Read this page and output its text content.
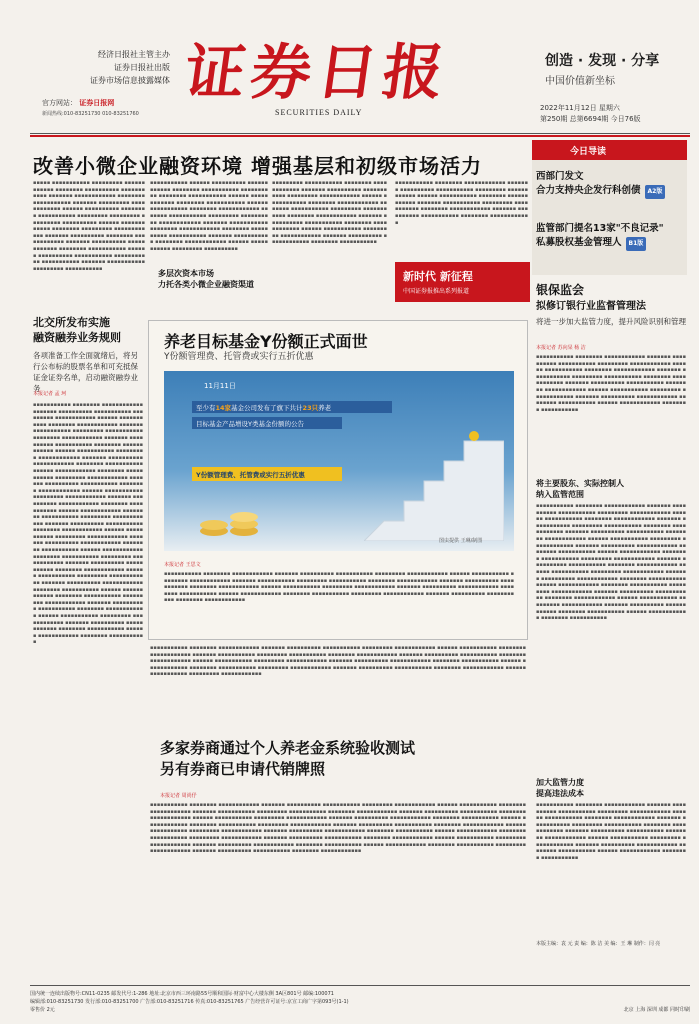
经济日报社主管主办
证券日报社出版
证券市场信息披露媒体
官方网站： 证券日报网
新闻热线:010-83251730 010-83251760
证券日报
SECURITIES DAILY
创造 · 发现 · 分享
中国价值新坐标
2022年11月12日 星期六
第250期 总第6694期 今日76版
改善小微企业融资环境 增强基层和初级市场活力
▪▪▪▪▪ ▪▪▪▪▪▪▪▪▪▪▪ ▪▪▪▪▪▪▪▪▪ ▪▪▪▪▪▪▪▪▪▪▪▪ ▪▪▪▪▪▪▪▪ ▪▪▪▪▪▪▪▪▪▪ ▪▪▪▪▪▪▪▪▪▪▪ ▪▪▪▪▪▪▪ ▪▪▪▪▪▪▪▪▪▪▪▪ ▪▪▪▪▪▪▪▪ ▪▪▪▪▪▪▪▪▪▪▪ ▪▪▪▪▪▪▪ ▪▪▪▪▪▪▪▪▪ ▪▪▪▪▪▪▪▪▪▪▪▪ ▪▪▪▪▪▪ ▪▪▪▪▪▪▪▪▪▪ ▪▪▪▪▪▪▪▪ ▪▪▪▪▪▪▪▪▪▪▪ ▪▪▪▪▪▪▪▪▪ ▪▪▪▪▪▪▪▪▪ ▪▪▪▪▪▪▪▪▪ ▪▪▪▪▪▪▪▪▪▪ ▪▪▪▪▪▪ ▪▪▪▪▪▪▪▪▪▪▪▪ ▪▪▪▪▪▪▪▪ ▪▪▪▪▪▪▪▪▪ ▪▪▪▪▪▪▪▪▪▪▪▪ ▪▪▪▪▪▪▪ ▪▪▪▪▪▪▪▪▪▪ ▪▪▪▪▪▪▪▪ ▪▪▪▪▪▪▪▪▪▪▪▪ ▪▪▪▪▪▪▪ ▪▪▪▪▪▪▪▪▪▪ ▪▪▪▪▪▪▪▪▪▪▪▪ ▪▪▪▪▪▪▪▪ ▪▪▪▪▪▪▪▪▪▪▪ ▪▪▪▪▪▪ ▪▪▪▪▪▪▪▪▪▪ ▪▪▪▪▪▪▪▪▪▪▪ ▪▪▪▪▪▪▪▪▪▪▪ ▪▪▪▪▪▪▪▪▪▪▪ ▪▪▪▪▪▪▪ ▪▪▪▪▪▪▪▪▪▪▪ ▪▪▪▪▪▪▪▪▪ ▪▪▪▪▪▪▪▪▪▪▪
▪▪▪▪▪▪▪▪▪▪▪ ▪▪▪▪▪▪ ▪▪▪▪▪▪▪▪▪▪ ▪▪▪▪▪▪▪▪▪▪▪▪ ▪▪▪▪▪▪▪▪ ▪▪▪▪▪▪▪▪▪▪▪ ▪▪▪▪▪▪▪▪▪▪ ▪▪▪▪▪▪▪▪ ▪▪▪▪▪▪▪▪▪▪▪ ▪▪▪▪▪▪ ▪▪▪▪▪▪▪▪▪▪▪▪ ▪▪▪▪▪▪▪▪ ▪▪▪▪▪▪▪▪▪▪▪ ▪▪▪▪▪▪ ▪▪▪▪▪▪▪▪▪▪▪ ▪▪▪▪▪▪▪▪ ▪▪▪▪▪▪▪▪▪▪▪▪ ▪▪▪▪▪▪▪ ▪▪▪▪▪▪▪▪▪▪▪ ▪▪▪▪▪▪▪▪▪ ▪▪▪▪▪▪▪▪▪▪ ▪▪▪▪▪▪▪▪▪▪▪▪ ▪▪▪▪▪▪▪ ▪▪▪▪▪▪▪▪▪▪▪ ▪▪▪▪▪▪▪▪ ▪▪▪▪▪▪▪▪▪▪▪▪ ▪▪▪▪▪▪▪▪ ▪▪▪▪▪▪▪▪▪▪ ▪▪▪▪▪▪▪▪▪▪▪ ▪▪▪▪▪▪▪ ▪▪▪▪▪▪▪▪▪▪▪ ▪▪▪▪▪▪▪▪ ▪▪▪▪▪▪▪▪▪▪▪▪ ▪▪▪▪▪▪ ▪▪▪▪▪▪▪▪▪▪▪ ▪▪▪▪▪▪▪▪▪ ▪▪▪▪▪▪▪▪▪▪
多层次资本市场
力托各类小微企业融资渠道
▪▪▪▪▪▪▪▪▪ ▪▪▪▪▪▪▪▪▪▪▪ ▪▪▪▪▪▪▪▪ ▪▪▪▪▪▪▪▪▪▪▪▪ ▪▪▪▪▪▪▪ ▪▪▪▪▪▪▪▪▪▪ ▪▪▪▪▪▪▪▪▪▪▪ ▪▪▪▪▪▪▪▪▪ ▪▪▪▪▪▪▪▪▪▪▪▪ ▪▪▪▪▪▪ ▪▪▪▪▪▪▪▪▪▪▪ ▪▪▪▪▪▪▪▪ ▪▪▪▪▪▪▪▪▪▪▪▪ ▪▪▪▪▪▪▪ ▪▪▪▪▪▪▪▪▪▪▪ ▪▪▪▪▪▪▪▪▪ ▪▪▪▪▪▪▪▪▪▪▪ ▪▪▪▪▪▪▪▪ ▪▪▪▪▪▪▪▪▪▪▪▪ ▪▪▪▪▪▪▪ ▪▪▪▪▪▪▪▪▪▪ ▪▪▪▪▪▪▪▪▪▪▪ ▪▪▪▪▪▪▪▪ ▪▪▪▪▪▪▪▪▪▪▪▪ ▪▪▪▪▪▪ ▪▪▪▪▪▪▪▪▪▪▪ ▪▪▪▪▪▪▪▪▪ ▪▪▪▪▪▪▪▪▪▪▪▪ ▪▪▪▪▪▪▪ ▪▪▪▪▪▪▪▪▪▪ ▪▪▪▪▪▪▪▪▪▪▪▪ ▪▪▪▪▪▪▪▪ ▪▪▪▪▪▪▪▪▪▪▪
▪▪▪▪▪▪▪▪▪▪▪ ▪▪▪▪▪▪▪▪ ▪▪▪▪▪▪▪▪▪▪▪▪ ▪▪▪▪▪▪▪ ▪▪▪▪▪▪▪▪▪▪ ▪▪▪▪▪▪▪▪▪▪▪ ▪▪▪▪▪▪▪▪▪ ▪▪▪▪▪▪▪▪▪▪▪▪ ▪▪▪▪▪▪ ▪▪▪▪▪▪▪▪▪▪▪ ▪▪▪▪▪▪▪▪ ▪▪▪▪▪▪▪▪▪▪▪▪ ▪▪▪▪▪▪▪ ▪▪▪▪▪▪▪▪▪▪▪ ▪▪▪▪▪▪▪▪▪ ▪▪▪▪▪▪▪▪▪▪▪ ▪▪▪▪▪▪▪▪ ▪▪▪▪▪▪▪▪▪▪▪▪ ▪▪▪▪▪▪▪ ▪▪▪▪▪▪▪▪▪▪ ▪▪▪▪▪▪▪▪▪▪▪ ▪▪▪▪▪▪▪▪ ▪▪▪▪▪▪▪▪▪▪▪▪
新时代 新征程
中国证券报推出系列报道
北交所发布实施
融资融券业务规则
各项准备工作全面就绪后，将另行公布标的股票名单和可充抵保证金证券名单，启动融资融券业务
本报记者 孟 珂
▪▪▪▪▪▪▪▪▪▪▪ ▪▪▪▪▪▪▪▪ ▪▪▪▪▪▪▪▪▪▪▪▪ ▪▪▪▪▪▪▪ ▪▪▪▪▪▪▪▪▪▪ ▪▪▪▪▪▪▪▪▪▪▪ ▪▪▪▪▪▪▪▪▪ ▪▪▪▪▪▪▪▪▪▪▪▪ ▪▪▪▪▪▪ ▪▪▪▪▪▪▪▪▪▪▪ ▪▪▪▪▪▪▪▪ ▪▪▪▪▪▪▪▪▪▪▪▪ ▪▪▪▪▪▪▪ ▪▪▪▪▪▪▪▪▪▪▪ ▪▪▪▪▪▪▪▪▪ ▪▪▪▪▪▪▪▪▪▪▪ ▪▪▪▪▪▪▪▪ ▪▪▪▪▪▪▪▪▪▪▪▪ ▪▪▪▪▪▪▪ ▪▪▪▪▪▪▪▪▪▪ ▪▪▪▪▪▪▪▪▪▪▪ ▪▪▪▪▪▪▪▪ ▪▪▪▪▪▪▪▪▪▪▪▪ ▪▪▪▪▪▪ ▪▪▪▪▪▪▪▪▪▪▪ ▪▪▪▪▪▪▪▪▪ ▪▪▪▪▪▪▪▪▪▪▪▪ ▪▪▪▪▪▪▪ ▪▪▪▪▪▪▪▪▪▪ ▪▪▪▪▪▪▪▪▪▪▪▪ ▪▪▪▪▪▪▪▪ ▪▪▪▪▪▪▪▪▪▪▪ ▪▪▪▪▪▪ ▪▪▪▪▪▪▪▪▪▪▪▪ ▪▪▪▪▪▪▪▪ ▪▪▪▪▪▪▪▪▪▪▪ ▪▪▪▪▪▪▪▪▪ ▪▪▪▪▪▪▪▪▪▪▪▪ ▪▪▪▪▪▪▪ ▪▪▪▪▪▪▪▪▪▪ ▪▪▪▪▪▪▪▪▪▪▪ ▪▪▪▪▪▪▪▪ ▪▪▪▪▪▪▪▪▪▪▪▪ ▪▪▪▪▪▪ ▪▪▪▪▪▪▪▪▪▪▪ ▪▪▪▪▪▪▪▪▪ ▪▪▪▪▪▪▪▪▪▪▪▪ ▪▪▪▪▪▪▪ ▪▪▪▪▪▪▪▪▪▪ ▪▪▪▪▪▪▪▪▪▪▪▪ ▪▪▪▪▪▪▪▪ ▪▪▪▪▪▪▪▪▪▪▪ ▪▪▪▪▪▪ ▪▪▪▪▪▪▪▪▪▪▪▪ ▪▪▪▪▪▪▪▪ ▪▪▪▪▪▪▪▪▪▪▪ ▪▪▪▪▪▪▪▪▪ ▪▪▪▪▪▪▪▪▪▪▪▪ ▪▪▪▪▪▪▪ ▪▪▪▪▪▪▪▪▪▪ ▪▪▪▪▪▪▪▪▪▪▪ ▪▪▪▪▪▪▪▪ ▪▪▪▪▪▪▪▪▪▪▪▪ ▪▪▪▪▪▪ ▪▪▪▪▪▪▪▪▪▪▪ ▪▪▪▪▪▪▪▪▪ ▪▪▪▪▪▪▪▪▪▪▪▪ ▪▪▪▪▪▪▪ ▪▪▪▪▪▪▪▪▪▪ ▪▪▪▪▪▪▪▪▪▪▪▪ ▪▪▪▪▪▪▪▪ ▪▪▪▪▪▪▪▪▪▪▪ ▪▪▪▪▪▪ ▪▪▪▪▪▪▪▪▪▪▪▪ ▪▪▪▪▪▪▪▪ ▪▪▪▪▪▪▪▪▪▪▪ ▪▪▪▪▪▪▪▪▪ ▪▪▪▪▪▪▪▪▪▪▪▪ ▪▪▪▪▪▪▪ ▪▪▪▪▪▪▪▪▪▪ ▪▪▪▪▪▪▪▪▪▪▪ ▪▪▪▪▪▪▪▪ ▪▪▪▪▪▪▪▪▪▪▪▪ ▪▪▪▪▪▪ ▪▪▪▪▪▪▪▪▪▪▪ ▪▪▪▪▪▪▪▪▪ ▪▪▪▪▪▪▪▪▪▪▪▪ ▪▪▪▪▪▪▪ ▪▪▪▪▪▪▪▪▪▪ ▪▪▪▪▪▪▪▪▪▪▪▪ ▪▪▪▪▪▪▪▪ ▪▪▪▪▪▪▪▪▪▪▪ ▪▪▪▪▪▪ ▪▪▪▪▪▪▪▪▪▪▪▪ ▪▪▪▪▪▪▪▪ ▪▪▪▪▪▪▪▪▪▪▪ ▪▪▪▪▪▪▪▪▪ ▪▪▪▪▪▪▪▪▪▪▪▪ ▪▪▪▪▪▪▪ ▪▪▪▪▪▪▪▪▪▪ ▪▪▪▪▪▪▪▪▪▪▪ ▪▪▪▪▪▪▪▪ ▪▪▪▪▪▪▪▪▪▪▪▪ ▪▪▪▪▪▪ ▪▪▪▪▪▪▪▪▪▪▪ ▪▪▪▪▪▪▪▪▪ ▪▪▪▪▪▪▪▪▪▪▪▪ ▪▪▪▪▪▪▪ ▪▪▪▪▪▪▪▪▪▪ ▪▪▪▪▪▪▪▪▪▪▪▪ ▪▪▪▪▪▪▪▪ ▪▪▪▪▪▪▪▪▪▪▪ ▪▪▪▪▪▪ ▪▪▪▪▪▪▪▪▪▪▪▪ ▪▪▪▪▪▪▪▪ ▪▪▪▪▪▪▪▪▪▪▪
养老目标基金Y份额正式面世
Y份额管理费、托管费或实行五折优惠
11月11日
至少有14家基金公司发布了旗下共计23只养老
目标基金产品增设Y类基金份额的公告
Y份额管理费、托管费或实行五折优惠
图虫提供 王琳/制图
本报记者 王思文
▪▪▪▪▪▪▪▪▪▪▪ ▪▪▪▪▪▪▪▪ ▪▪▪▪▪▪▪▪▪▪▪▪ ▪▪▪▪▪▪▪ ▪▪▪▪▪▪▪▪▪▪ ▪▪▪▪▪▪▪▪▪▪▪ ▪▪▪▪▪▪▪▪▪ ▪▪▪▪▪▪▪▪▪▪▪▪ ▪▪▪▪▪▪ ▪▪▪▪▪▪▪▪▪▪▪ ▪▪▪▪▪▪▪▪ ▪▪▪▪▪▪▪▪▪▪▪▪ ▪▪▪▪▪▪▪ ▪▪▪▪▪▪▪▪▪▪▪ ▪▪▪▪▪▪▪▪▪ ▪▪▪▪▪▪▪▪▪▪▪ ▪▪▪▪▪▪▪▪ ▪▪▪▪▪▪▪▪▪▪▪▪ ▪▪▪▪▪▪▪ ▪▪▪▪▪▪▪▪▪▪ ▪▪▪▪▪▪▪▪▪▪▪ ▪▪▪▪▪▪▪▪ ▪▪▪▪▪▪▪▪▪▪▪▪ ▪▪▪▪▪▪ ▪▪▪▪▪▪▪▪▪▪▪ ▪▪▪▪▪▪▪▪▪ ▪▪▪▪▪▪▪▪▪▪▪▪ ▪▪▪▪▪▪▪ ▪▪▪▪▪▪▪▪▪▪ ▪▪▪▪▪▪▪▪▪▪▪▪ ▪▪▪▪▪▪▪▪ ▪▪▪▪▪▪▪▪▪▪▪ ▪▪▪▪▪▪ ▪▪▪▪▪▪▪▪▪▪▪▪ ▪▪▪▪▪▪▪▪ ▪▪▪▪▪▪▪▪▪▪▪ ▪▪▪▪▪▪▪▪▪ ▪▪▪▪▪▪▪▪▪▪▪▪ ▪▪▪▪▪▪▪ ▪▪▪▪▪▪▪▪▪▪ ▪▪▪▪▪▪▪▪▪▪▪ ▪▪▪▪▪▪▪▪ ▪▪▪▪▪▪▪▪▪▪▪▪
▪▪▪▪▪▪▪▪▪▪▪ ▪▪▪▪▪▪▪▪ ▪▪▪▪▪▪▪▪▪▪▪▪ ▪▪▪▪▪▪▪ ▪▪▪▪▪▪▪▪▪▪ ▪▪▪▪▪▪▪▪▪▪▪ ▪▪▪▪▪▪▪▪▪ ▪▪▪▪▪▪▪▪▪▪▪▪ ▪▪▪▪▪▪ ▪▪▪▪▪▪▪▪▪▪▪ ▪▪▪▪▪▪▪▪ ▪▪▪▪▪▪▪▪▪▪▪▪ ▪▪▪▪▪▪▪ ▪▪▪▪▪▪▪▪▪▪▪ ▪▪▪▪▪▪▪▪▪ ▪▪▪▪▪▪▪▪▪▪▪ ▪▪▪▪▪▪▪▪ ▪▪▪▪▪▪▪▪▪▪▪▪ ▪▪▪▪▪▪▪ ▪▪▪▪▪▪▪▪▪▪ ▪▪▪▪▪▪▪▪▪▪▪ ▪▪▪▪▪▪▪▪ ▪▪▪▪▪▪▪▪▪▪▪▪ ▪▪▪▪▪▪ ▪▪▪▪▪▪▪▪▪▪▪ ▪▪▪▪▪▪▪▪▪ ▪▪▪▪▪▪▪▪▪▪▪▪ ▪▪▪▪▪▪▪ ▪▪▪▪▪▪▪▪▪▪ ▪▪▪▪▪▪▪▪▪▪▪▪ ▪▪▪▪▪▪▪▪ ▪▪▪▪▪▪▪▪▪▪▪ ▪▪▪▪▪▪ ▪▪▪▪▪▪▪▪▪▪▪▪ ▪▪▪▪▪▪▪▪ ▪▪▪▪▪▪▪▪▪▪▪ ▪▪▪▪▪▪▪▪▪ ▪▪▪▪▪▪▪▪▪▪▪▪ ▪▪▪▪▪▪▪ ▪▪▪▪▪▪▪▪▪▪ ▪▪▪▪▪▪▪▪▪▪▪ ▪▪▪▪▪▪▪▪ ▪▪▪▪▪▪▪▪▪▪▪▪ ▪▪▪▪▪▪ ▪▪▪▪▪▪▪▪▪▪▪ ▪▪▪▪▪▪▪▪▪ ▪▪▪▪▪▪▪▪▪▪▪▪
多家券商通过个人养老金系统验收测试
另有券商已申请代销牌照
本报记者 周尚伃
▪▪▪▪▪▪▪▪▪▪▪ ▪▪▪▪▪▪▪▪ ▪▪▪▪▪▪▪▪▪▪▪▪ ▪▪▪▪▪▪▪ ▪▪▪▪▪▪▪▪▪▪ ▪▪▪▪▪▪▪▪▪▪▪ ▪▪▪▪▪▪▪▪▪ ▪▪▪▪▪▪▪▪▪▪▪▪ ▪▪▪▪▪▪ ▪▪▪▪▪▪▪▪▪▪▪ ▪▪▪▪▪▪▪▪ ▪▪▪▪▪▪▪▪▪▪▪▪ ▪▪▪▪▪▪▪ ▪▪▪▪▪▪▪▪▪▪▪ ▪▪▪▪▪▪▪▪▪ ▪▪▪▪▪▪▪▪▪▪▪ ▪▪▪▪▪▪▪▪ ▪▪▪▪▪▪▪▪▪▪▪▪ ▪▪▪▪▪▪▪ ▪▪▪▪▪▪▪▪▪▪ ▪▪▪▪▪▪▪▪▪▪▪ ▪▪▪▪▪▪▪▪ ▪▪▪▪▪▪▪▪▪▪▪▪ ▪▪▪▪▪▪ ▪▪▪▪▪▪▪▪▪▪▪ ▪▪▪▪▪▪▪▪▪ ▪▪▪▪▪▪▪▪▪▪▪▪ ▪▪▪▪▪▪▪ ▪▪▪▪▪▪▪▪▪▪ ▪▪▪▪▪▪▪▪▪▪▪▪ ▪▪▪▪▪▪▪▪ ▪▪▪▪▪▪▪▪▪▪▪ ▪▪▪▪▪▪ ▪▪▪▪▪▪▪▪▪▪▪▪ ▪▪▪▪▪▪▪▪ ▪▪▪▪▪▪▪▪▪▪▪ ▪▪▪▪▪▪▪▪▪ ▪▪▪▪▪▪▪▪▪▪▪▪ ▪▪▪▪▪▪▪ ▪▪▪▪▪▪▪▪▪▪ ▪▪▪▪▪▪▪▪▪▪▪ ▪▪▪▪▪▪▪▪ ▪▪▪▪▪▪▪▪▪▪▪▪ ▪▪▪▪▪▪ ▪▪▪▪▪▪▪▪▪▪▪ ▪▪▪▪▪▪▪▪▪ ▪▪▪▪▪▪▪▪▪▪▪▪ ▪▪▪▪▪▪▪ ▪▪▪▪▪▪▪▪▪▪ ▪▪▪▪▪▪▪▪▪▪▪▪ ▪▪▪▪▪▪▪▪ ▪▪▪▪▪▪▪▪▪▪▪ ▪▪▪▪▪▪ ▪▪▪▪▪▪▪▪▪▪▪▪ ▪▪▪▪▪▪▪▪ ▪▪▪▪▪▪▪▪▪▪▪ ▪▪▪▪▪▪▪▪▪ ▪▪▪▪▪▪▪▪▪▪▪▪ ▪▪▪▪▪▪▪ ▪▪▪▪▪▪▪▪▪▪ ▪▪▪▪▪▪▪▪▪▪▪ ▪▪▪▪▪▪▪▪ ▪▪▪▪▪▪▪▪▪▪▪▪ ▪▪▪▪▪▪ ▪▪▪▪▪▪▪▪▪▪▪ ▪▪▪▪▪▪▪▪▪ ▪▪▪▪▪▪▪▪▪▪▪▪ ▪▪▪▪▪▪▪ ▪▪▪▪▪▪▪▪▪▪ ▪▪▪▪▪▪▪▪▪▪▪▪ ▪▪▪▪▪▪▪▪ ▪▪▪▪▪▪▪▪▪▪▪ ▪▪▪▪▪▪ ▪▪▪▪▪▪▪▪▪▪▪▪ ▪▪▪▪▪▪▪▪ ▪▪▪▪▪▪▪▪▪▪▪ ▪▪▪▪▪▪▪▪▪ ▪▪▪▪▪▪▪▪▪▪▪▪ ▪▪▪▪▪▪▪ ▪▪▪▪▪▪▪▪▪▪ ▪▪▪▪▪▪▪▪▪▪▪ ▪▪▪▪▪▪▪▪ ▪▪▪▪▪▪▪▪▪▪▪▪
今日导读
西部门发文
合力支持央企发行科创债 A2版
监管部门提名13家"不良记录"
私募股权基金管理人 B1版
银保监会
拟修订银行业监督管理法
将进一步加大监管力度，提升风险识别和管理
本报记者 苏向杲 杨 洁
▪▪▪▪▪▪▪▪▪▪▪ ▪▪▪▪▪▪▪▪ ▪▪▪▪▪▪▪▪▪▪▪▪ ▪▪▪▪▪▪▪ ▪▪▪▪▪▪▪▪▪▪ ▪▪▪▪▪▪▪▪▪▪▪ ▪▪▪▪▪▪▪▪▪ ▪▪▪▪▪▪▪▪▪▪▪▪ ▪▪▪▪▪▪ ▪▪▪▪▪▪▪▪▪▪▪ ▪▪▪▪▪▪▪▪ ▪▪▪▪▪▪▪▪▪▪▪▪ ▪▪▪▪▪▪▪ ▪▪▪▪▪▪▪▪▪▪▪ ▪▪▪▪▪▪▪▪▪ ▪▪▪▪▪▪▪▪▪▪▪ ▪▪▪▪▪▪▪▪ ▪▪▪▪▪▪▪▪▪▪▪▪ ▪▪▪▪▪▪▪ ▪▪▪▪▪▪▪▪▪▪ ▪▪▪▪▪▪▪▪▪▪▪ ▪▪▪▪▪▪▪▪ ▪▪▪▪▪▪▪▪▪▪▪▪ ▪▪▪▪▪▪ ▪▪▪▪▪▪▪▪▪▪▪ ▪▪▪▪▪▪▪▪▪ ▪▪▪▪▪▪▪▪▪▪▪▪ ▪▪▪▪▪▪▪ ▪▪▪▪▪▪▪▪▪▪ ▪▪▪▪▪▪▪▪▪▪▪▪ ▪▪▪▪▪▪▪▪ ▪▪▪▪▪▪▪▪▪▪▪ ▪▪▪▪▪▪ ▪▪▪▪▪▪▪▪▪▪▪▪ ▪▪▪▪▪▪▪▪ ▪▪▪▪▪▪▪▪▪▪▪
将主要股东、实际控制人
纳入监管范围
▪▪▪▪▪▪▪▪▪▪▪ ▪▪▪▪▪▪▪▪ ▪▪▪▪▪▪▪▪▪▪▪▪ ▪▪▪▪▪▪▪ ▪▪▪▪▪▪▪▪▪▪ ▪▪▪▪▪▪▪▪▪▪▪ ▪▪▪▪▪▪▪▪▪ ▪▪▪▪▪▪▪▪▪▪▪▪ ▪▪▪▪▪▪ ▪▪▪▪▪▪▪▪▪▪▪ ▪▪▪▪▪▪▪▪ ▪▪▪▪▪▪▪▪▪▪▪▪ ▪▪▪▪▪▪▪ ▪▪▪▪▪▪▪▪▪▪▪ ▪▪▪▪▪▪▪▪▪ ▪▪▪▪▪▪▪▪▪▪▪ ▪▪▪▪▪▪▪▪ ▪▪▪▪▪▪▪▪▪▪▪▪ ▪▪▪▪▪▪▪ ▪▪▪▪▪▪▪▪▪▪ ▪▪▪▪▪▪▪▪▪▪▪ ▪▪▪▪▪▪▪▪ ▪▪▪▪▪▪▪▪▪▪▪▪ ▪▪▪▪▪▪ ▪▪▪▪▪▪▪▪▪▪▪ ▪▪▪▪▪▪▪▪▪ ▪▪▪▪▪▪▪▪▪▪▪▪ ▪▪▪▪▪▪▪ ▪▪▪▪▪▪▪▪▪▪ ▪▪▪▪▪▪▪▪▪▪▪▪ ▪▪▪▪▪▪▪▪ ▪▪▪▪▪▪▪▪▪▪▪ ▪▪▪▪▪▪ ▪▪▪▪▪▪▪▪▪▪▪▪ ▪▪▪▪▪▪▪▪ ▪▪▪▪▪▪▪▪▪▪▪ ▪▪▪▪▪▪▪▪▪ ▪▪▪▪▪▪▪▪▪▪▪▪ ▪▪▪▪▪▪▪ ▪▪▪▪▪▪▪▪▪▪ ▪▪▪▪▪▪▪▪▪▪▪ ▪▪▪▪▪▪▪▪ ▪▪▪▪▪▪▪▪▪▪▪▪ ▪▪▪▪▪▪ ▪▪▪▪▪▪▪▪▪▪▪ ▪▪▪▪▪▪▪▪▪ ▪▪▪▪▪▪▪▪▪▪▪▪ ▪▪▪▪▪▪▪ ▪▪▪▪▪▪▪▪▪▪ ▪▪▪▪▪▪▪▪▪▪▪▪ ▪▪▪▪▪▪▪▪ ▪▪▪▪▪▪▪▪▪▪▪ ▪▪▪▪▪▪ ▪▪▪▪▪▪▪▪▪▪▪▪ ▪▪▪▪▪▪▪▪ ▪▪▪▪▪▪▪▪▪▪▪ ▪▪▪▪▪▪▪▪▪ ▪▪▪▪▪▪▪▪▪▪▪▪ ▪▪▪▪▪▪▪ ▪▪▪▪▪▪▪▪▪▪ ▪▪▪▪▪▪▪▪▪▪▪ ▪▪▪▪▪▪▪▪ ▪▪▪▪▪▪▪▪▪▪▪▪ ▪▪▪▪▪▪ ▪▪▪▪▪▪▪▪▪▪▪ ▪▪▪▪▪▪▪▪▪ ▪▪▪▪▪▪▪▪▪▪▪▪ ▪▪▪▪▪▪▪ ▪▪▪▪▪▪▪▪▪▪ ▪▪▪▪▪▪▪▪▪▪▪▪ ▪▪▪▪▪▪▪▪ ▪▪▪▪▪▪▪▪▪▪▪ ▪▪▪▪▪▪ ▪▪▪▪▪▪▪▪▪▪▪▪ ▪▪▪▪▪▪▪▪ ▪▪▪▪▪▪▪▪▪▪▪
加大监管力度
提高违法成本
▪▪▪▪▪▪▪▪▪▪▪ ▪▪▪▪▪▪▪▪ ▪▪▪▪▪▪▪▪▪▪▪▪ ▪▪▪▪▪▪▪ ▪▪▪▪▪▪▪▪▪▪ ▪▪▪▪▪▪▪▪▪▪▪ ▪▪▪▪▪▪▪▪▪ ▪▪▪▪▪▪▪▪▪▪▪▪ ▪▪▪▪▪▪ ▪▪▪▪▪▪▪▪▪▪▪ ▪▪▪▪▪▪▪▪ ▪▪▪▪▪▪▪▪▪▪▪▪ ▪▪▪▪▪▪▪ ▪▪▪▪▪▪▪▪▪▪▪ ▪▪▪▪▪▪▪▪▪ ▪▪▪▪▪▪▪▪▪▪▪ ▪▪▪▪▪▪▪▪ ▪▪▪▪▪▪▪▪▪▪▪▪ ▪▪▪▪▪▪▪ ▪▪▪▪▪▪▪▪▪▪ ▪▪▪▪▪▪▪▪▪▪▪ ▪▪▪▪▪▪▪▪ ▪▪▪▪▪▪▪▪▪▪▪▪ ▪▪▪▪▪▪ ▪▪▪▪▪▪▪▪▪▪▪ ▪▪▪▪▪▪▪▪▪ ▪▪▪▪▪▪▪▪▪▪▪▪ ▪▪▪▪▪▪▪ ▪▪▪▪▪▪▪▪▪▪ ▪▪▪▪▪▪▪▪▪▪▪▪ ▪▪▪▪▪▪▪▪ ▪▪▪▪▪▪▪▪▪▪▪ ▪▪▪▪▪▪ ▪▪▪▪▪▪▪▪▪▪▪▪ ▪▪▪▪▪▪▪▪ ▪▪▪▪▪▪▪▪▪▪▪
本版主编：袁 元 责 编：陈 洁 美 编：王 琳 制作：闫 亮
国内统一连续出版物号:CN11-0235 邮发代号:1-286 地址:北京市西三环南路55号顺和国际·财富中心大楼东侧 3A区801号 邮编:100071
编辑部:010-83251730 发行部:010-83251700 广告部:010-83251716 传真:010-83251765 广告经营许可证号:京宣工商广字第093号(1-1)
零售价 2元	北京 上海 深圳 成都 同时印刷
